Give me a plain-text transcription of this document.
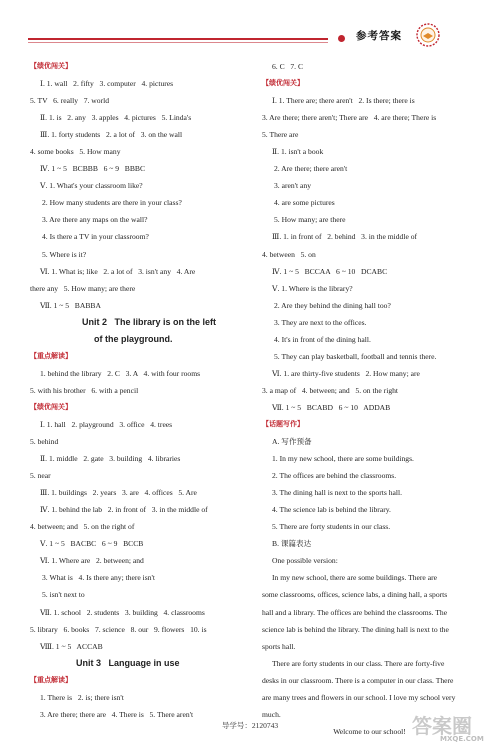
参考答案
【绩优闯关】
Ⅰ. 1. wall   2. fifty   3. computer   4. pictures
5. TV   6. really   7. world
Ⅱ. 1. is   2. any   3. apples   4. pictures   5. Linda's
Ⅲ. 1. forty students   2. a lot of   3. on the wall
4. some books   5. How many
Ⅳ. 1 ~ 5   BCBBB   6 ~ 9   BBBC
Ⅴ. 1. What's your classroom like?
2. How many students are there in your class?
3. Are there any maps on the wall?
4. Is there a TV in your classroom?
5. Where is it?
Ⅵ. 1. What is; like   2. a lot of   3. isn't any   4. Are
there any   5. How many; are there
Ⅶ. 1 ~ 5   BABBA
Unit 2   The library is on the left
of the playground.
【重点解读】
1. behind the library   2. C   3. A   4. with four rooms
5. with his brother   6. with a pencil
【绩优闯关】
Ⅰ. 1. hall   2. playground   3. office   4. trees
5. behind
Ⅱ. 1. middle   2. gate   3. building   4. libraries
5. near
Ⅲ. 1. buildings   2. years   3. are   4. offices   5. Are
Ⅳ. 1. behind the lab   2. in front of   3. in the middle of
4. between; and   5. on the right of
Ⅴ. 1 ~ 5   BACBC   6 ~ 9   BCCB
Ⅵ. 1. Where are   2. between; and
3. What is   4. Is there any; there isn't
5. isn't next to
Ⅶ. 1. school   2. students   3. building   4. classrooms
5. library   6. books   7. science   8. our   9. flowers   10. is
Ⅷ. 1 ~ 5   ACCAB
Unit 3   Language in use
【重点解读】
1. There is   2. is; there isn't
3. Are there; there are   4. There is   5. There aren't
6. C   7. C
【绩优闯关】
Ⅰ. 1. There are; there aren't   2. Is there; there is
3. Are there; there aren't; There are   4. are there; There is
5. There are
Ⅱ. 1. isn't a book
2. Are there; there aren't
3. aren't any
4. are some pictures
5. How many; are there
Ⅲ. 1. in front of   2. behind   3. in the middle of
4. between   5. on
Ⅳ. 1 ~ 5   BCCAA   6 ~ 10   DCABC
Ⅴ. 1. Where is the library?
2. Are they behind the dining hall too?
3. They are next to the offices.
4. It's in front of the dining hall.
5. They can play basketball, football and tennis there.
Ⅵ. 1. are thirty-five students   2. How many; are
3. a map of   4. between; and   5. on the right
Ⅶ. 1 ~ 5   BCABD   6 ~ 10   ADDAB
【话题写作】
A. 写作预备
1. In my new school, there are some buildings.
2. The offices are behind the classrooms.
3. The dining hall is next to the sports hall.
4. The science lab is behind the library.
5. There are forty students in our class.
B. 课篇表达
One possible version:
In my new school, there are some buildings. There are
some classrooms, offices, science labs, a dining hall, a sports
hall and a library. The offices are behind the classrooms. The
science lab is behind the library. The dining hall is next to the
sports hall.
There are forty students in our class. There are forty-five
desks in our classroom. There is a computer in our class. There
are many trees and flowers in our school. I love my school very
much.
Welcome to our school!
导学号：2120743	答案圈
MXQE.COM
